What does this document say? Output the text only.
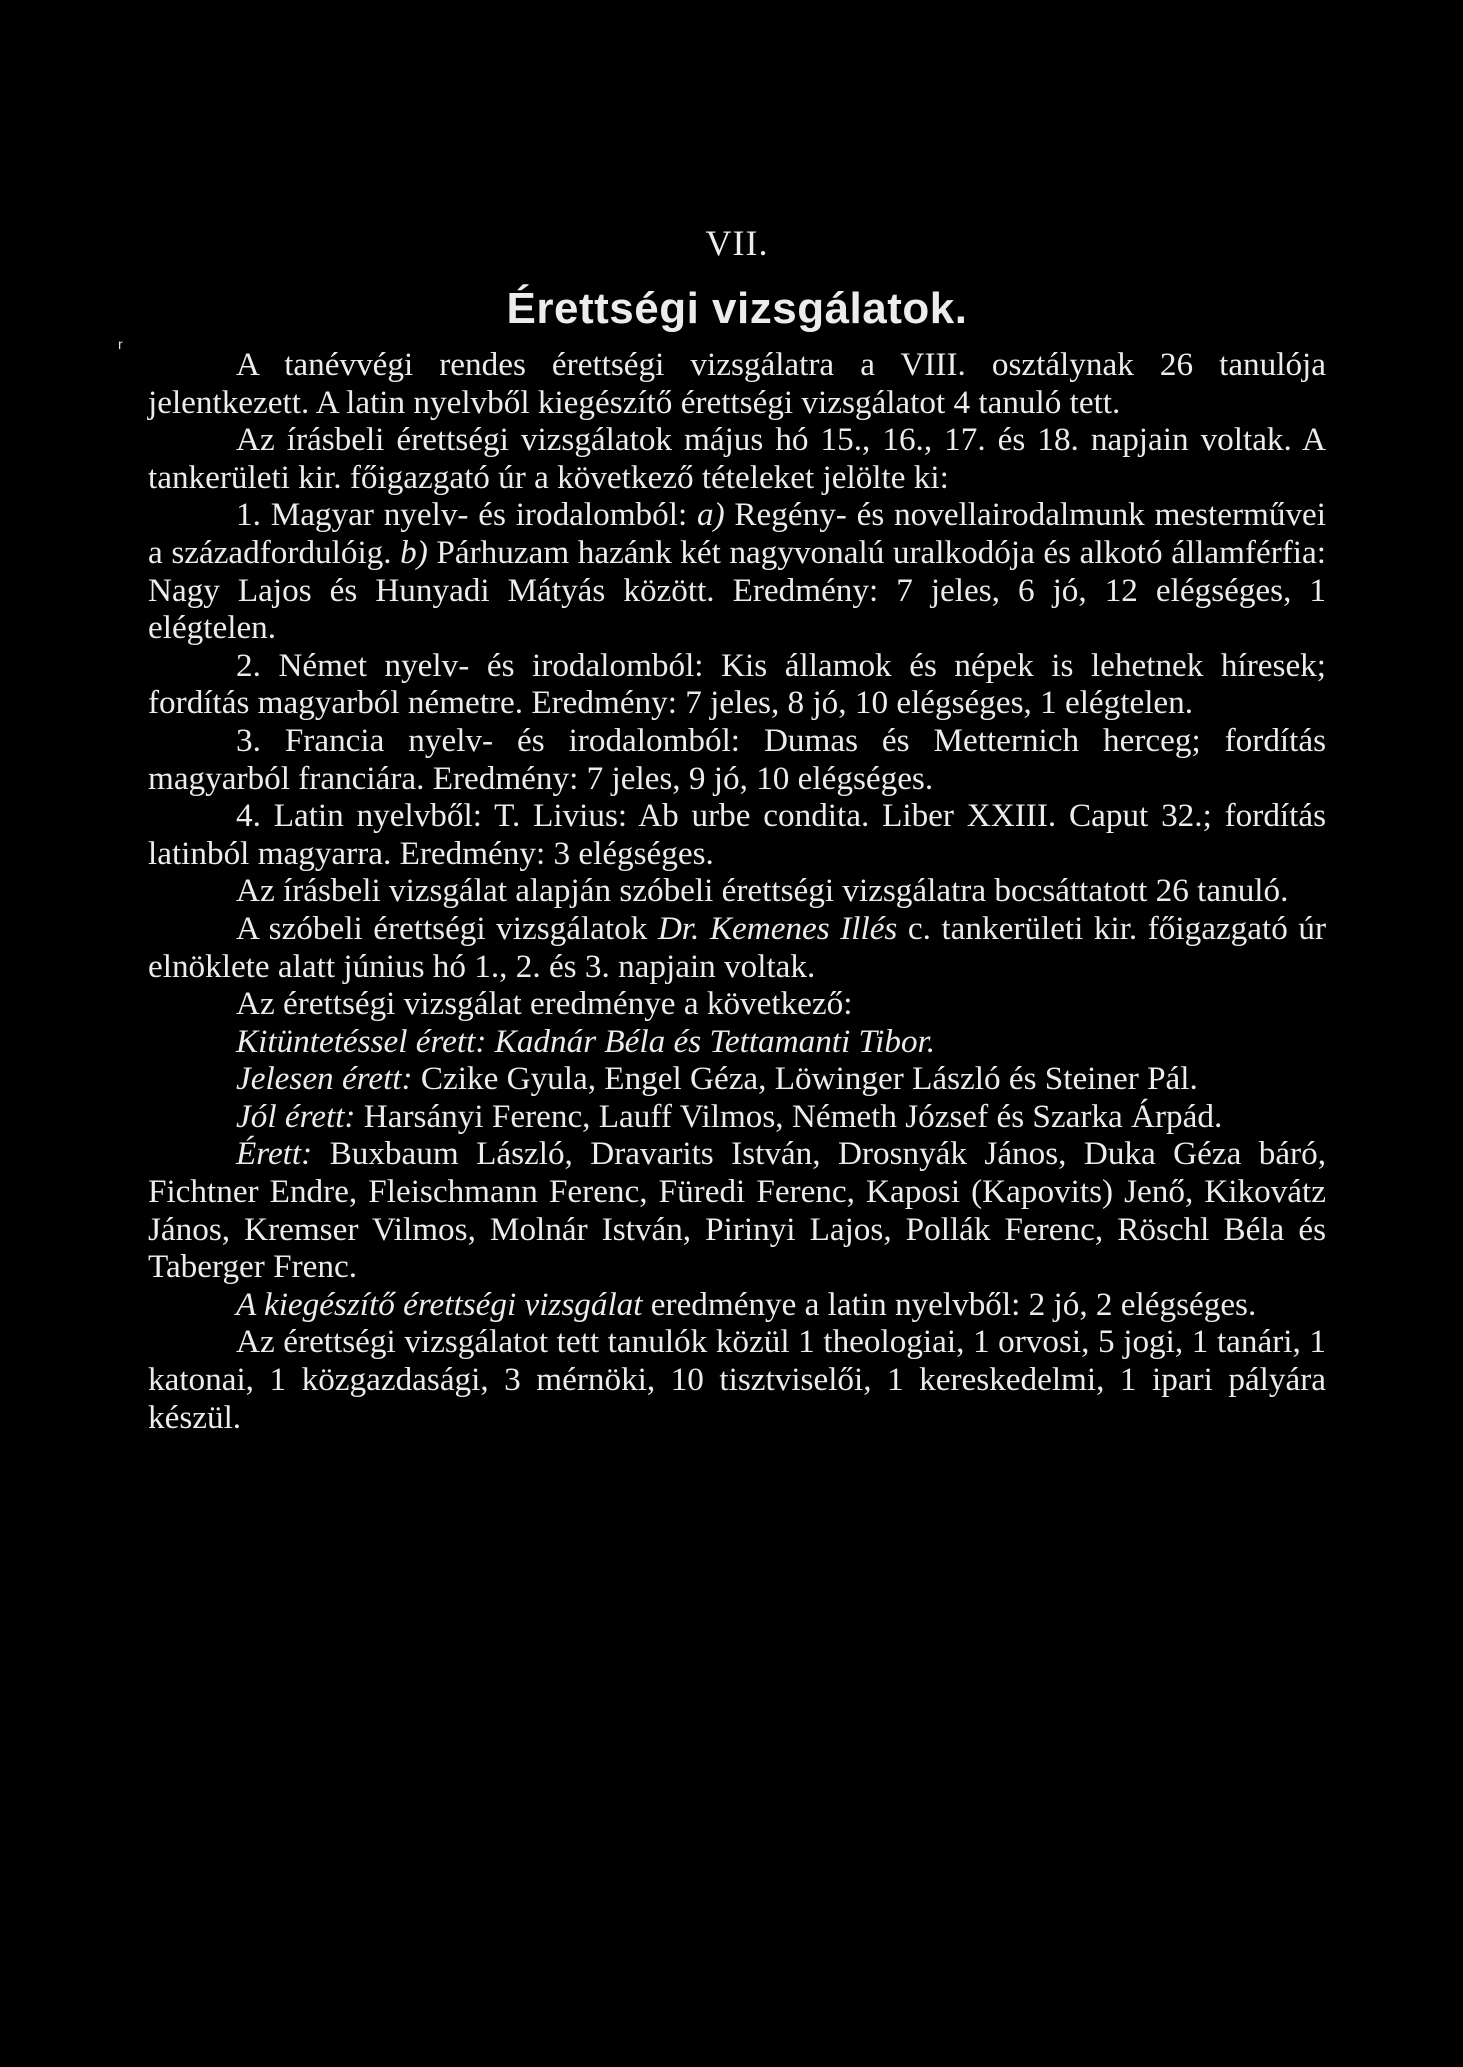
VII.
Érettségi vizsgálatok.

A tanévvégi rendes érettségi vizsgálatra a VIII. osztálynak 26 tanulója jelentkezett. A latin nyelvből kiegészítő érettségi vizsgálatot 4 tanuló tett.

Az írásbeli érettségi vizsgálatok május hó 15., 16., 17. és 18. napjain voltak. A tankerületi kir. főigazgató úr a következő tételeket jelölte ki:

1. Magyar nyelv- és irodalomból: a) Regény- és novellairodalmunk mesterművei a századfordulóig. b) Párhuzam hazánk két nagyvonalú uralkodója és alkotó államférfia: Nagy Lajos és Hunyadi Mátyás között. Eredmény: 7 jeles, 6 jó, 12 elégséges, 1 elégtelen.

2. Német nyelv- és irodalomból: Kis államok és népek is lehetnek híresek; fordítás magyarból németre. Eredmény: 7 jeles, 8 jó, 10 elégséges, 1 elégtelen.

3. Francia nyelv- és irodalomból: Dumas és Metternich herceg; fordítás magyarból franciára. Eredmény: 7 jeles, 9 jó, 10 elégséges.

4. Latin nyelvből: T. Livius: Ab urbe condita. Liber XXIII. Caput 32.; fordítás latinból magyarra. Eredmény: 3 elégséges.

Az írásbeli vizsgálat alapján szóbeli érettségi vizsgálatra bocsáttatott 26 tanuló.

A szóbeli érettségi vizsgálatok Dr. Kemenes Illés c. tankerületi kir. főigazgató úr elnöklete alatt június hó 1., 2. és 3. napjain voltak.

Az érettségi vizsgálat eredménye a következő:

Kitüntetéssel érett: Kadnár Béla és Tettamanti Tibor.

Jelesen érett: Czike Gyula, Engel Géza, Löwinger László és Steiner Pál.

Jól érett: Harsányi Ferenc, Lauff Vilmos, Németh József és Szarka Árpád.

Érett: Buxbaum László, Dravarits István, Drosnyák János, Duka Géza báró, Fichtner Endre, Fleischmann Ferenc, Füredi Ferenc, Kaposi (Kapovits) Jenő, Kikovátz János, Kremser Vilmos, Molnár István, Pirinyi Lajos, Pollák Ferenc, Röschl Béla és Taberger Frenc.

A kiegészítő érettségi vizsgálat eredménye a latin nyelvből: 2 jó, 2 elégséges.

Az érettségi vizsgálatot tett tanulók közül 1 theologiai, 1 orvosi, 5 jogi, 1 tanári, 1 katonai, 1 közgazdasági, 3 mérnöki, 10 tisztviselői, 1 kereskedelmi, 1 ipari pályára készül.

r
